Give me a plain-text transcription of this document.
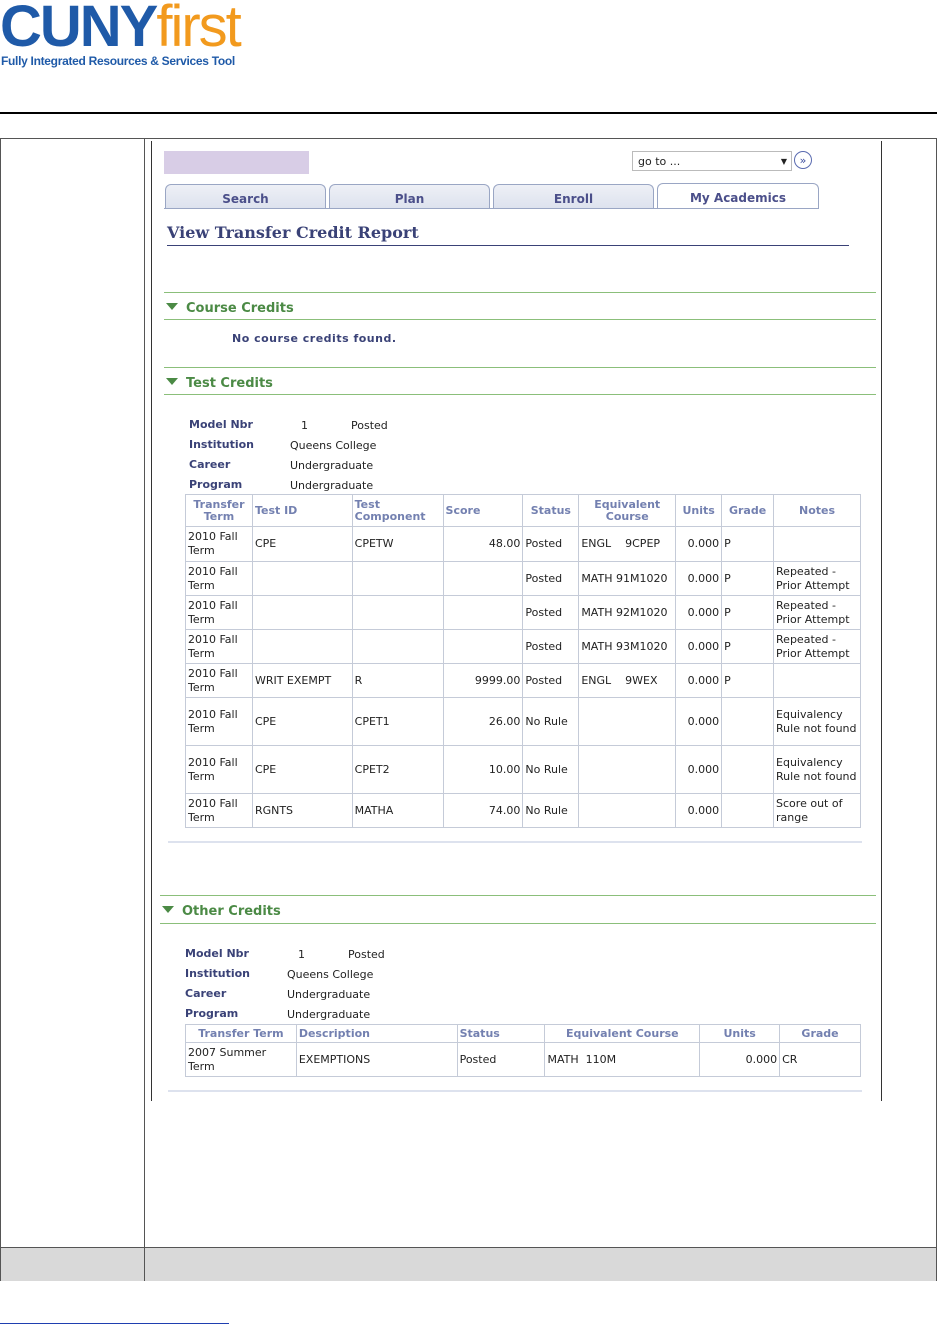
CUNYfirst
Fully Integrated Resources & Services Tool
go to ...	▼	»
Search	Plan	Enroll	My Academics
View Transfer Credit Report
Course Credits
No course credits found.
Test Credits
Model Nbr	1	Posted
Institution	Queens College
Career	Undergraduate
Program	Undergraduate
Transfer Term	Test ID	Test Component	Score	Status	Equivalent Course	Units	Grade	Notes
2010 Fall Term	CPE	CPETW	48.00	Posted	ENGL    9CPEP	0.000	P	
2010 Fall Term				Posted	MATH 91M1020	0.000	P	Repeated - Prior Attempt
2010 Fall Term				Posted	MATH 92M1020	0.000	P	Repeated - Prior Attempt
2010 Fall Term				Posted	MATH 93M1020	0.000	P	Repeated - Prior Attempt
2010 Fall Term	WRIT EXEMPT	R	9999.00	Posted	ENGL    9WEX	0.000	P	
2010 Fall Term	CPE	CPET1	26.00	No Rule		0.000		Equivalency Rule not found
2010 Fall Term	CPE	CPET2	10.00	No Rule		0.000		Equivalency Rule not found
2010 Fall Term	RGNTS	MATHA	74.00	No Rule		0.000		Score out of range
Other Credits
Model Nbr	1	Posted
Institution	Queens College
Career	Undergraduate
Program	Undergraduate
Transfer Term	Description	Status	Equivalent Course	Units	Grade
2007 Summer Term	EXEMPTIONS	Posted	MATH  110M	0.000	CR
